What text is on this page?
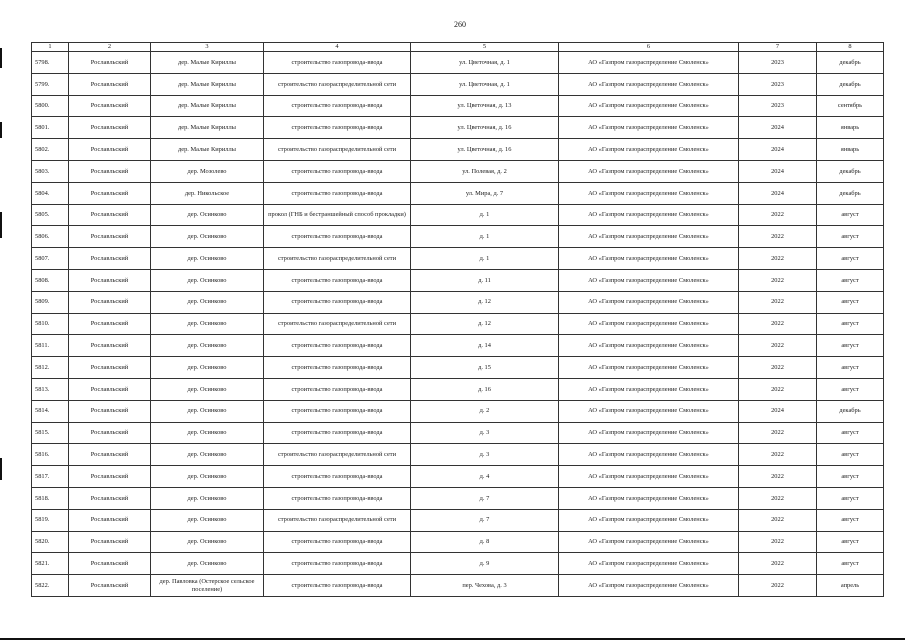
260
1	2	3	4	5	6	7	8
5798.	Рославльский	дер. Малые Кириллы	строительство газопровода-ввода	ул. Цветочная, д. 1	АО «Газпром газораспределение Смоленск»	2023	декабрь
5799.	Рославльский	дер. Малые Кириллы	строительство газораспределительной сети	ул. Цветочная, д. 1	АО «Газпром газораспределение Смоленск»	2023	декабрь
5800.	Рославльский	дер. Малые Кириллы	строительство газопровода-ввода	ул. Цветочная, д. 13	АО «Газпром газораспределение Смоленск»	2023	сентябрь
5801.	Рославльский	дер. Малые Кириллы	строительство газопровода-ввода	ул. Цветочная, д. 16	АО «Газпром газораспределение Смоленск»	2024	январь
5802.	Рославльский	дер. Малые Кириллы	строительство газораспределительной сети	ул. Цветочная, д. 16	АО «Газпром газораспределение Смоленск»	2024	январь
5803.	Рославльский	дер. Мозолево	строительство газопровода-ввода	ул. Полевая, д. 2	АО «Газпром газораспределение Смоленск»	2024	декабрь
5804.	Рославльский	дер. Никольское	строительство газопровода-ввода	ул. Мира, д. 7	АО «Газпром газораспределение Смоленск»	2024	декабрь
5805.	Рославльский	дер. Осинково	прокол (ГНБ и бестраншейный способ прокладки)	д. 1	АО «Газпром газораспределение Смоленск»	2022	август
5806.	Рославльский	дер. Осинково	строительство газопровода-ввода	д. 1	АО «Газпром газораспределение Смоленск»	2022	август
5807.	Рославльский	дер. Осинково	строительство газораспределительной сети	д. 1	АО «Газпром газораспределение Смоленск»	2022	август
5808.	Рославльский	дер. Осинково	строительство газопровода-ввода	д. 11	АО «Газпром газораспределение Смоленск»	2022	август
5809.	Рославльский	дер. Осинково	строительство газопровода-ввода	д. 12	АО «Газпром газораспределение Смоленск»	2022	август
5810.	Рославльский	дер. Осинково	строительство газораспределительной сети	д. 12	АО «Газпром газораспределение Смоленск»	2022	август
5811.	Рославльский	дер. Осинково	строительство газопровода-ввода	д. 14	АО «Газпром газораспределение Смоленск»	2022	август
5812.	Рославльский	дер. Осинково	строительство газопровода-ввода	д. 15	АО «Газпром газораспределение Смоленск»	2022	август
5813.	Рославльский	дер. Осинково	строительство газопровода-ввода	д. 16	АО «Газпром газораспределение Смоленск»	2022	август
5814.	Рославльский	дер. Осинково	строительство газопровода-ввода	д. 2	АО «Газпром газораспределение Смоленск»	2024	декабрь
5815.	Рославльский	дер. Осинково	строительство газопровода-ввода	д. 3	АО «Газпром газораспределение Смоленск»	2022	август
5816.	Рославльский	дер. Осинково	строительство газораспределительной сети	д. 3	АО «Газпром газораспределение Смоленск»	2022	август
5817.	Рославльский	дер. Осинково	строительство газопровода-ввода	д. 4	АО «Газпром газораспределение Смоленск»	2022	август
5818.	Рославльский	дер. Осинково	строительство газопровода-ввода	д. 7	АО «Газпром газораспределение Смоленск»	2022	август
5819.	Рославльский	дер. Осинково	строительство газораспределительной сети	д. 7	АО «Газпром газораспределение Смоленск»	2022	август
5820.	Рославльский	дер. Осинково	строительство газопровода-ввода	д. 8	АО «Газпром газораспределение Смоленск»	2022	август
5821.	Рославльский	дер. Осинково	строительство газопровода-ввода	д. 9	АО «Газпром газораспределение Смоленск»	2022	август
5822.	Рославльский	дер. Павловка (Остерское сельское поселение)	строительство газопровода-ввода	пер. Чехова, д. 3	АО «Газпром газораспределение Смоленск»	2022	апрель
